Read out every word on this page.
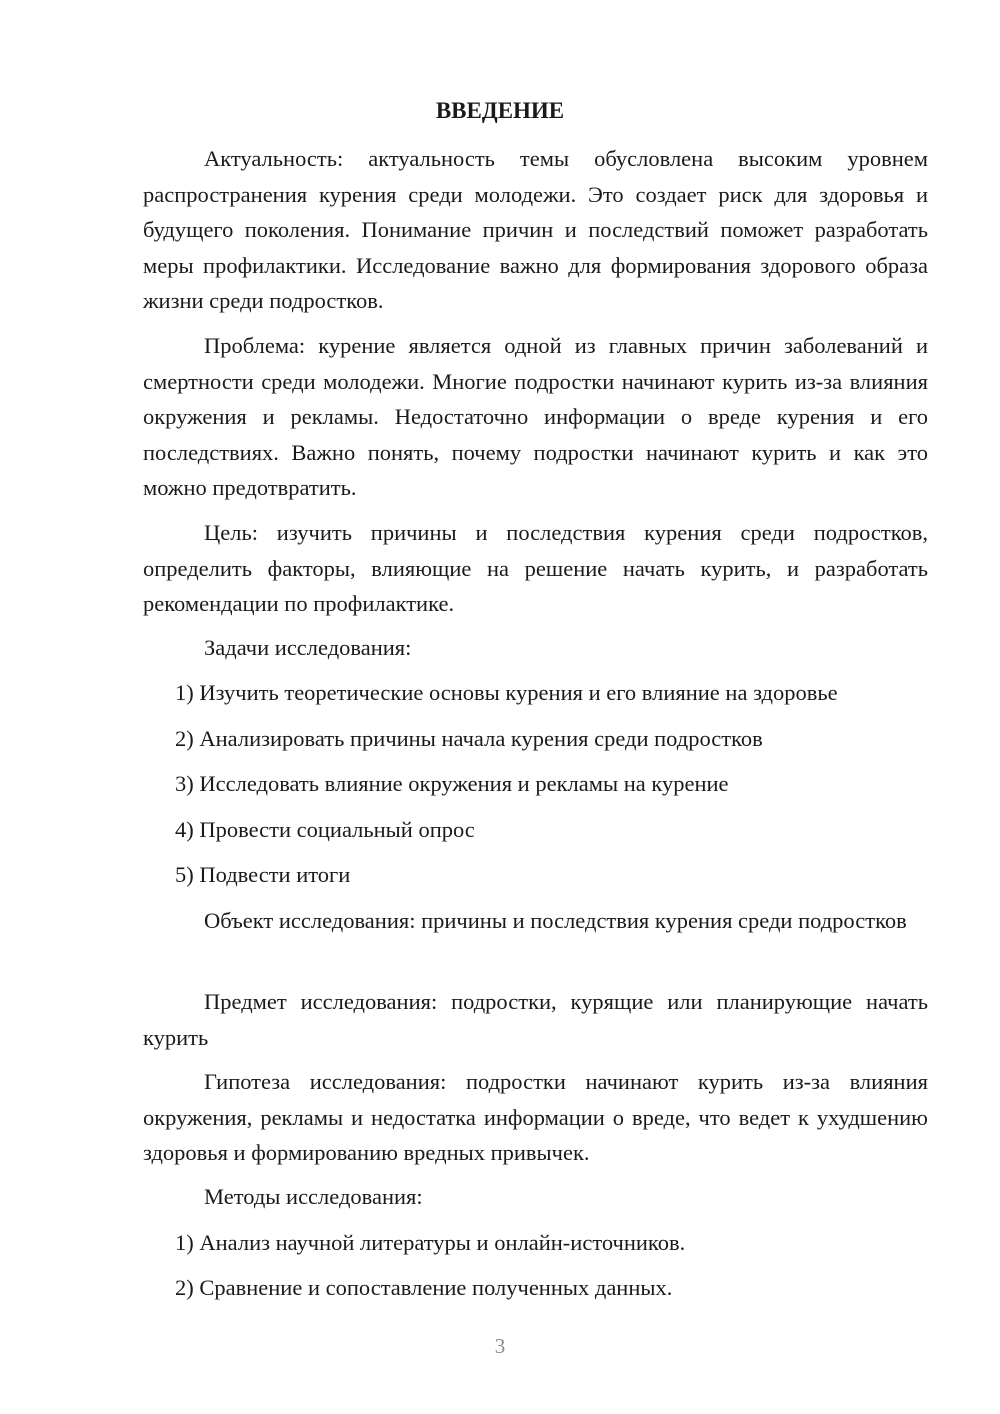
ВВЕДЕНИЕ

Актуальность: актуальность темы обусловлена высоким уровнем распространения курения среди молодежи. Это создает риск для здоровья и будущего поколения. Понимание причин и последствий поможет разработать меры профилактики. Исследование важно для формирования здорового образа жизни среди подростков.

Проблема: курение является одной из главных причин заболеваний и смертности среди молодежи. Многие подростки начинают курить из-за влияния окружения и рекламы. Недостаточно информации о вреде курения и его последствиях. Важно понять, почему подростки начинают курить и как это можно предотвратить.

Цель: изучить причины и последствия курения среди подростков, определить факторы, влияющие на решение начать курить, и разработать рекомендации по профилактике.

Задачи исследования:

1) Изучить теоретические основы курения и его влияние на здоровье

2) Анализировать причины начала курения среди подростков

3) Исследовать влияние окружения и рекламы на курение

4) Провести социальный опрос

5) Подвести итоги

Объект исследования: причины и последствия курения среди подростков

Предмет исследования: подростки, курящие или планирующие начать курить

Гипотеза исследования: подростки начинают курить из-за влияния окружения, рекламы и недостатка информации о вреде, что ведет к ухудшению здоровья и формированию вредных привычек.

Методы исследования:

1) Анализ научной литературы и онлайн-источников.

2) Сравнение и сопоставление полученных данных.

3
